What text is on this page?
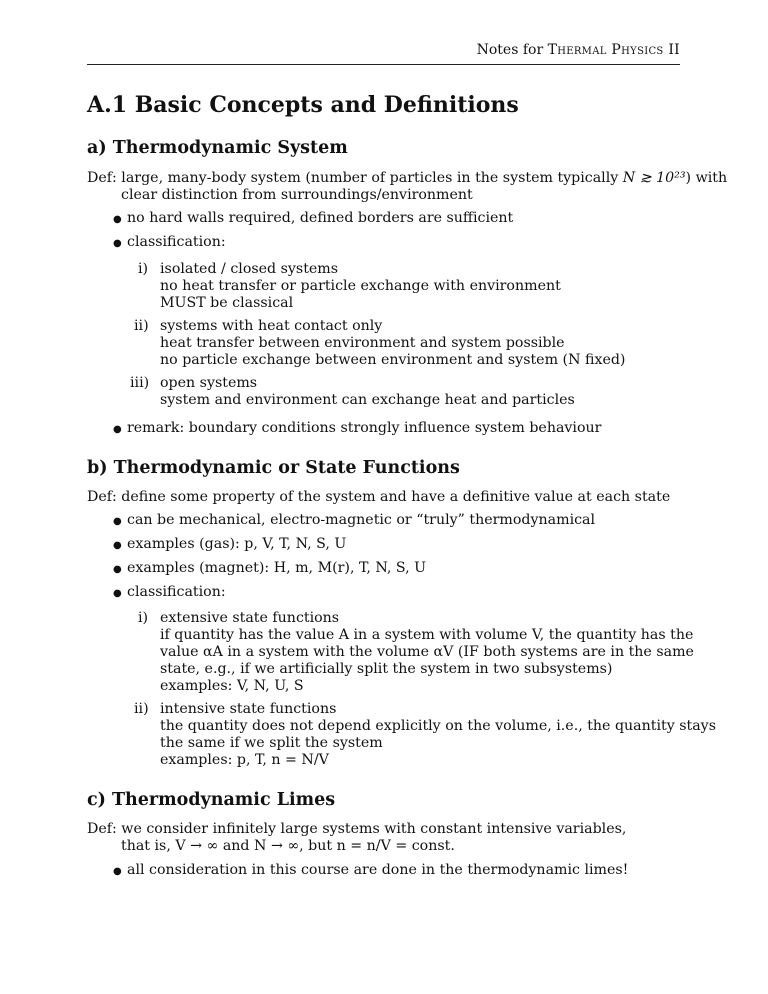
Notes for Thermal Physics II
A.1 Basic Concepts and Definitions
a) Thermodynamic System
Def: large, many-body system (number of particles in the system typically N ≳ 10²³) with
clear distinction from surroundings/environment
● no hard walls required, defined borders are sufficient
● classification:
i) isolated / closed systems
no heat transfer or particle exchange with environment
MUST be classical
ii) systems with heat contact only
heat transfer between environment and system possible
no particle exchange between environment and system (N fixed)
iii) open systems
system and environment can exchange heat and particles
● remark: boundary conditions strongly influence system behaviour
b) Thermodynamic or State Functions
Def: define some property of the system and have a definitive value at each state
● can be mechanical, electro-magnetic or “truly” thermodynamical
● examples (gas): p, V, T, N, S, U
● examples (magnet): H, m, M(r), T, N, S, U
● classification:
i) extensive state functions
if quantity has the value A in a system with volume V, the quantity has the
value αA in a system with the volume αV (IF both systems are in the same
state, e.g., if we artificially split the system in two subsystems)
examples: V, N, U, S
ii) intensive state functions
the quantity does not depend explicitly on the volume, i.e., the quantity stays
the same if we split the system
examples: p, T, n = N/V
c) Thermodynamic Limes
Def: we consider infinitely large systems with constant intensive variables,
that is, V → ∞ and N → ∞, but n = n/V = const.
● all consideration in this course are done in the thermodynamic limes!
